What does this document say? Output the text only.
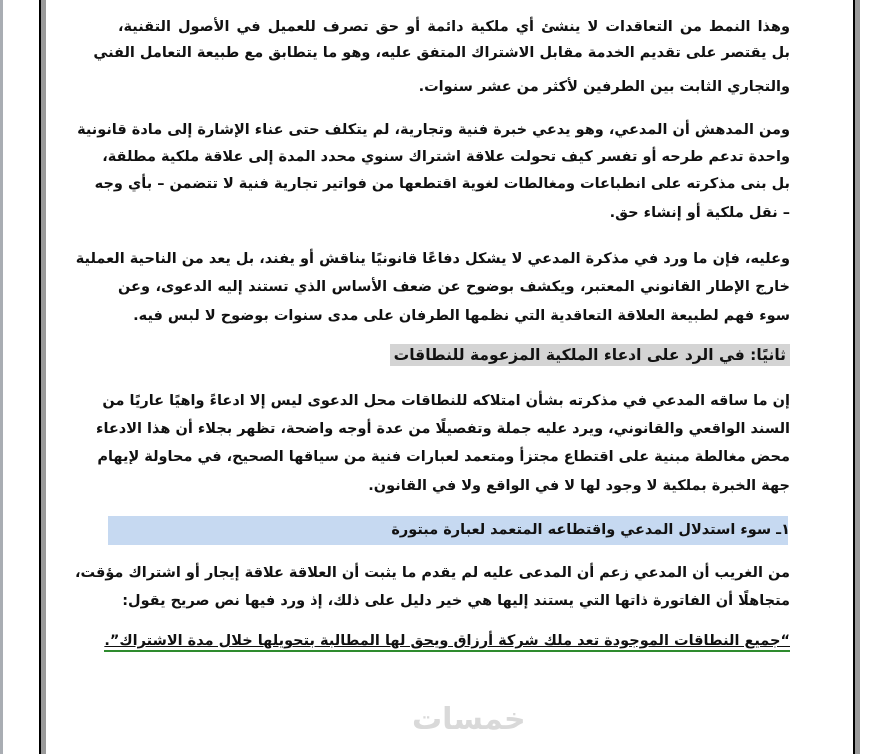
وهذا النمط من التعاقدات لا ينشئ أي ملكية دائمة أو حق تصرف للعميل في الأصول التقنية،
بل يقتصر على تقديم الخدمة مقابل الاشتراك المتفق عليه، وهو ما يتطابق مع طبيعة التعامل الفني
والتجاري الثابت بين الطرفين لأكثر من عشر سنوات.
ومن المدهش أن المدعي، وهو يدعي خبرة فنية وتجارية، لم يتكلف حتى عناء الإشارة إلى مادة قانونية
واحدة تدعم طرحه أو تفسر كيف تحولت علاقة اشتراك سنوي محدد المدة إلى علاقة ملكية مطلقة،
بل بنى مذكرته على انطباعات ومغالطات لغوية اقتطعها من فواتير تجارية فنية لا تتضمن – بأي وجه
– نقل ملكية أو إنشاء حق.
وعليه، فإن ما ورد في مذكرة المدعي لا يشكل دفاعًا قانونيًا يناقش أو يفند، بل يعد من الناحية العملية
خارج الإطار القانوني المعتبر، ويكشف بوضوح عن ضعف الأساس الذي تستند إليه الدعوى، وعن
سوء فهم لطبيعة العلاقة التعاقدية التي نظمها الطرفان على مدى سنوات بوضوح لا لبس فيه.
ثانيًا: في الرد على ادعاء الملكية المزعومة للنطاقات
إن ما ساقه المدعي في مذكرته بشأن امتلاكه للنطاقات محل الدعوى ليس إلا ادعاءً واهيًا عاريًا من
السند الواقعي والقانوني، ويرد عليه جملة وتفصيلًا من عدة أوجه واضحة، تظهر بجلاء أن هذا الادعاء
محض مغالطة مبنية على اقتطاع مجتزأ ومتعمد لعبارات فنية من سياقها الصحيح، في محاولة لإيهام
جهة الخبرة بملكية لا وجود لها لا في الواقع ولا في القانون.
١ـ سوء استدلال المدعي واقتطاعه المتعمد لعبارة مبتورة
من الغريب أن المدعي زعم أن المدعى عليه لم يقدم ما يثبت أن العلاقة علاقة إيجار أو اشتراك مؤقت،
متجاهلًا أن الفاتورة ذاتها التي يستند إليها هي خير دليل على ذلك، إذ ورد فيها نص صريح يقول:
“جميع النطاقات الموجودة تعد ملك شركة أرزاق ويحق لها المطالبة بتحويلها خلال مدة الاشتراك”.
خمسات
